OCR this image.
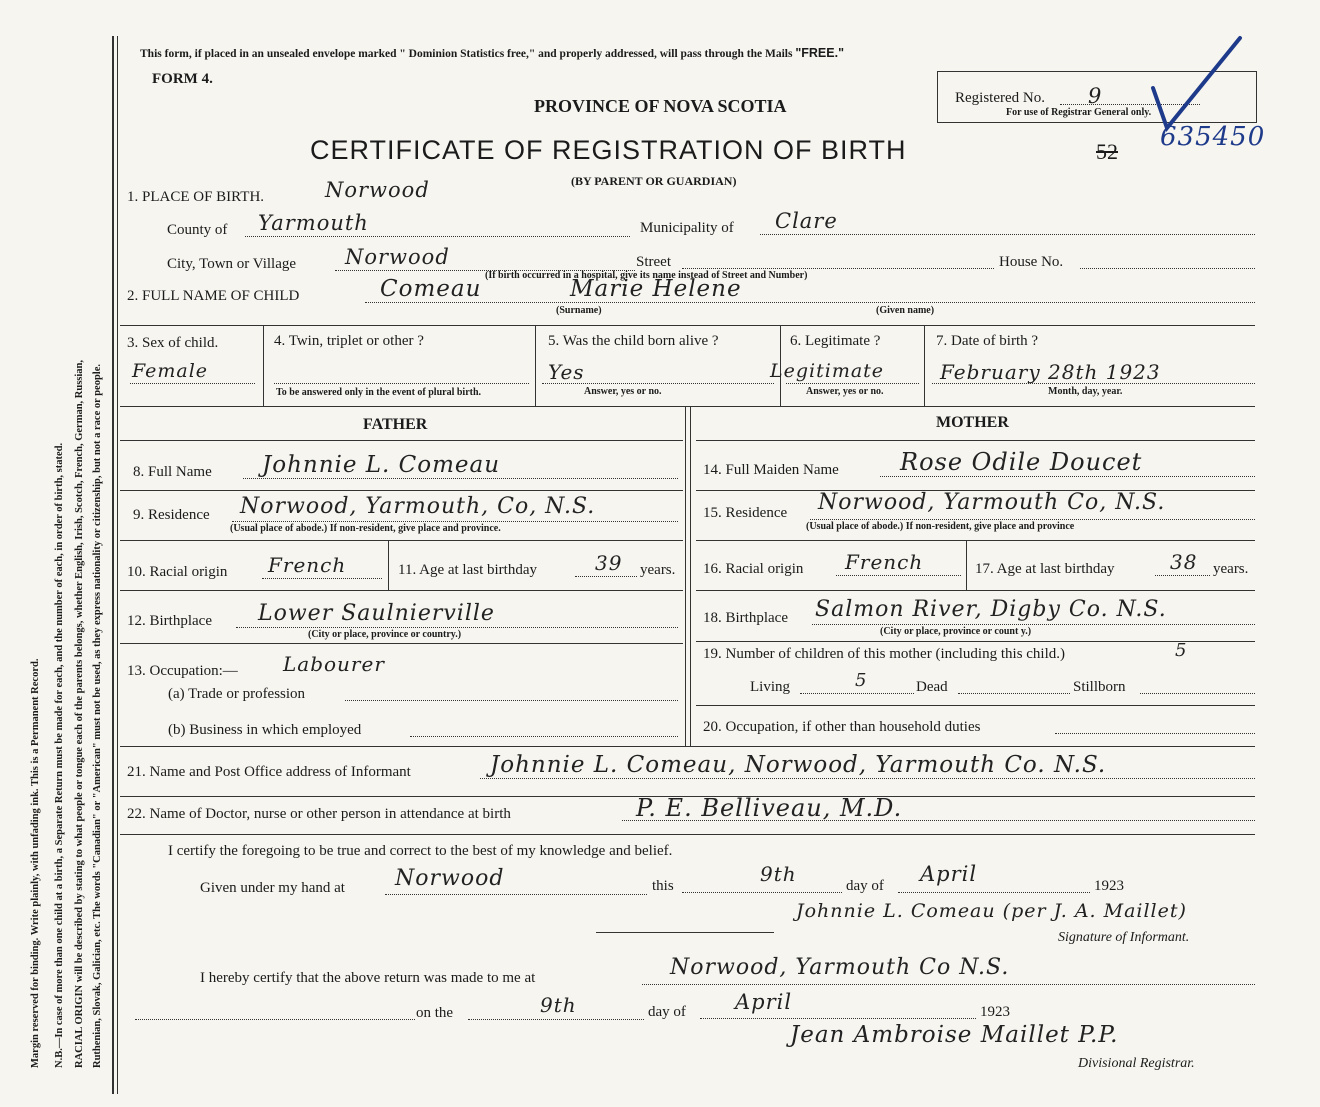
Margin reserved for binding. Write plainly, with unfading ink. This is a Permanent Record. N.B.—In case of more than one child at a birth, a Separate Return must be made for each, and the number of each, in order of birth, stated. RACIAL ORIGIN will be described by stating to what people or tongue each of the parents belongs, whether English, Irish, Scotch, French, German, Russian, Ruthenian, Slovak, Galician, etc. The words "Canadian" or "American" must not be used, as they express nationality or citizenship, but not a race or people.
This form, if placed in an unsealed envelope marked " Dominion Statistics free," and properly addressed, will pass through the Mails "FREE."
FORM 4.
PROVINCE OF NOVA SCOTIA
CERTIFICATE OF REGISTRATION OF BIRTH
(BY PARENT OR GUARDIAN)
52 635450
Registered No. 9
For use of Registrar General only.
1. PLACE OF BIRTH.	Norwood
County of Yarmouth	Municipality of Clare
City, Town or Village Norwood	Street	House No.
(If birth occurred in a hospital, give its name instead of Street and Number)
2. FULL NAME OF CHILD	Comeau	Marie Helene
(Surname)	(Given name)
3. Sex of child.
Female
4. Twin, triplet or other ?
To be answered only in the event of plural birth.
5. Was the child born alive ?
Yes
Answer, yes or no.
6. Legitimate ?
Legitimate
Answer, yes or no.
7. Date of birth ?
February 28th 1923
Month, day, year.
FATHER	MOTHER
8. Full Name Johnnie L. Comeau
9. Residence Norwood, Yarmouth, Co, N.S.
(Usual place of abode.) If non-resident, give place and province.
10. Racial origin French	11. Age at last birthday	39 years.
12. Birthplace Lower Saulnierville
(City or place, province or country.)
13. Occupation:— Labourer
(a) Trade or profession
(b) Business in which employed
14. Full Maiden Name	Rose Odile Doucet
15. Residence Norwood, Yarmouth Co, N.S.
(Usual place of abode.) If non-resident, give place and province
16. Racial origin French	17. Age at last birthday	38 years.
18. Birthplace Salmon River, Digby Co. N.S.
(City or place, province or count y.)
19. Number of children of this mother (including this child.)	5
Living	5	Dead	Stillborn
20. Occupation, if other than household duties
21. Name and Post Office address of Informant	Johnnie L. Comeau, Norwood, Yarmouth Co. N.S.
22. Name of Doctor, nurse or other person in attendance at birth	P. E. Belliveau, M.D.
I certify the foregoing to be true and correct to the best of my knowledge and belief.
Given under my hand at Norwood	this	9th	day of April	1923
Johnnie L. Comeau (per J. A. Maillet)
Signature of Informant.
I hereby certify that the above return was made to me at	Norwood, Yarmouth Co N.S.
on the	9th	day of April	1923
Jean Ambroise Maillet P.P.
Divisional Registrar.
